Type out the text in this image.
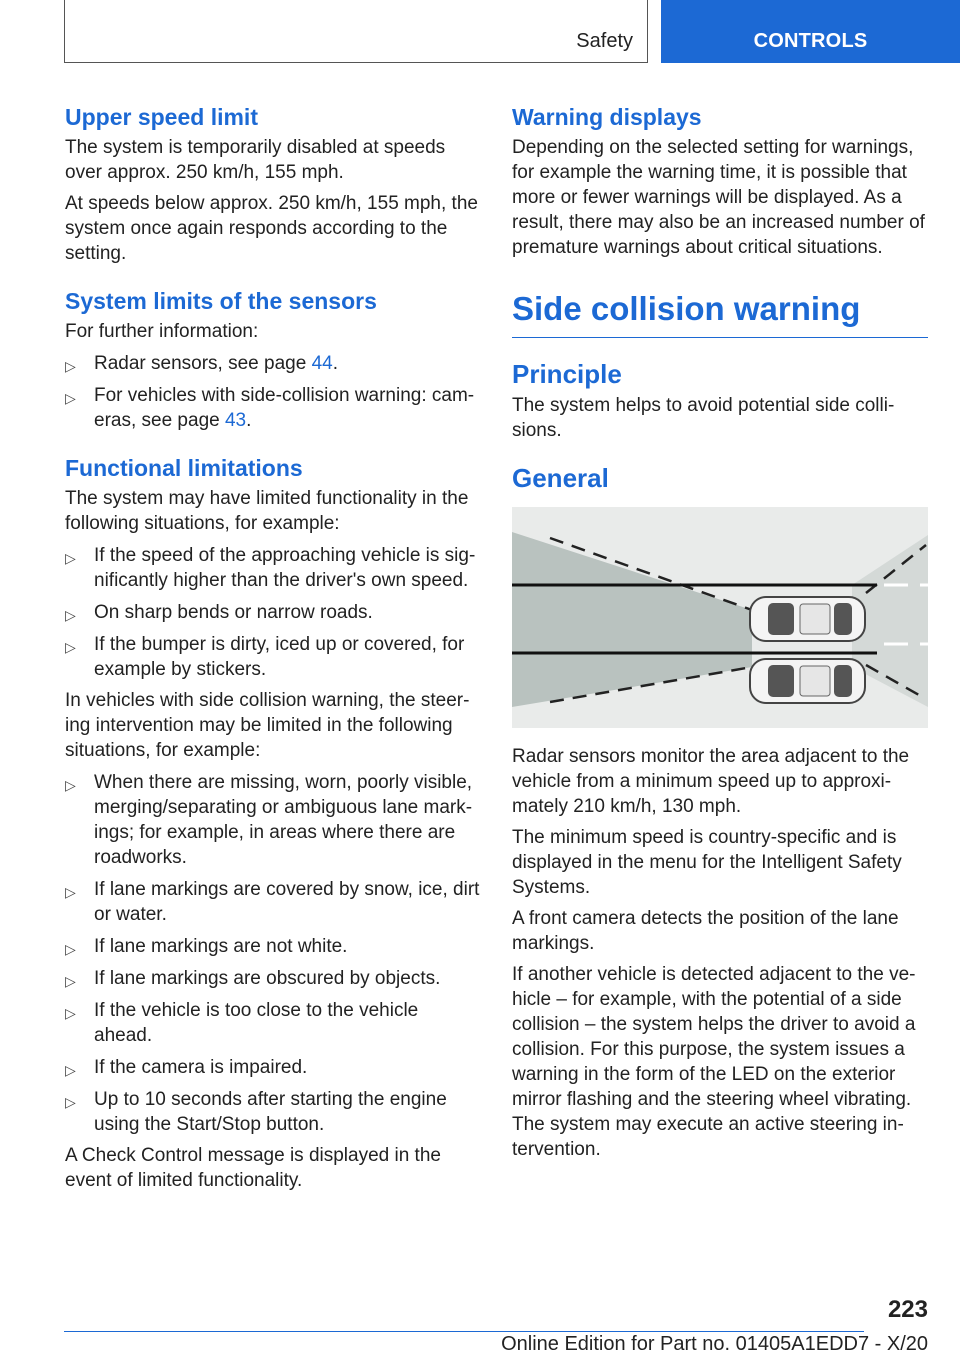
Safety	CONTROLS
Upper speed limit

The system is temporarily disabled at speeds over approx. 250 km/h, 155 mph.

At speeds below approx. 250 km/h, 155 mph, the system once again responds according to the setting.

System limits of the sensors

For further information:

▷ Radar sensors, see page 44.
▷ For vehicles with side-collision warning: cam-eras, see page 43.
Functional limitations

The system may have limited functionality in the following situations, for example:

▷ If the speed of the approaching vehicle is sig-nificantly higher than the driver's own speed.
▷ On sharp bends or narrow roads.
▷ If the bumper is dirty, iced up or covered, for example by stickers.

In vehicles with side collision warning, the steer-ing intervention may be limited in the following situations, for example:

▷ When there are missing, worn, poorly visible, merging/separating or ambiguous lane mark-ings; for example, in areas where there are roadworks.
▷ If lane markings are covered by snow, ice, dirt or water.
▷ If lane markings are not white.
▷ If lane markings are obscured by objects.
▷ If the vehicle is too close to the vehicle ahead.
▷ If the camera is impaired.
▷ Up to 10 seconds after starting the engine using the Start/Stop button.

A Check Control message is displayed in the event of limited functionality.

Warning displays

Depending on the selected setting for warnings, for example the warning time, it is possible that more or fewer warnings will be displayed. As a result, there may also be an increased number of premature warnings about critical situations.

Side collision warning
Principle

The system helps to avoid potential side colli-sions.

General

Radar sensors monitor the area adjacent to the vehicle from a minimum speed up to approxi-mately 210 km/h, 130 mph.

The minimum speed is country-specific and is displayed in the menu for the Intelligent Safety Systems.

A front camera detects the position of the lane markings.

If another vehicle is detected adjacent to the ve-hicle – for example, with the potential of a side collision – the system helps the driver to avoid a collision. For this purpose, the system issues a warning in the form of the LED on the exterior mirror flashing and the steering wheel vibrating. The system may execute an active steering in-tervention.

223
Online Edition for Part no. 01405A1EDD7 - X/20
